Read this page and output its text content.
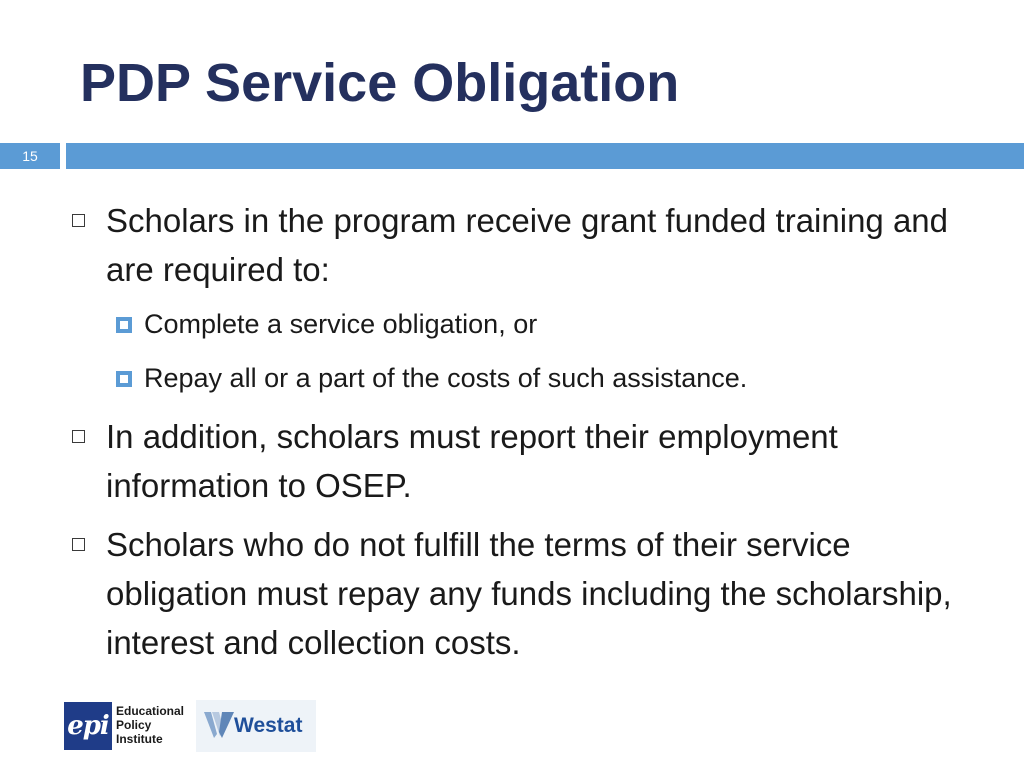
PDP Service Obligation
15
Scholars in the program receive grant funded training and are required to:
Complete a service obligation, or
Repay all or a part of the costs of such assistance.
In addition, scholars must report their employment information to OSEP.
Scholars who do not fulfill the terms of their service obligation must repay any funds including the scholarship, interest and collection costs.
epi Educational
Policy
Institute
Westat
